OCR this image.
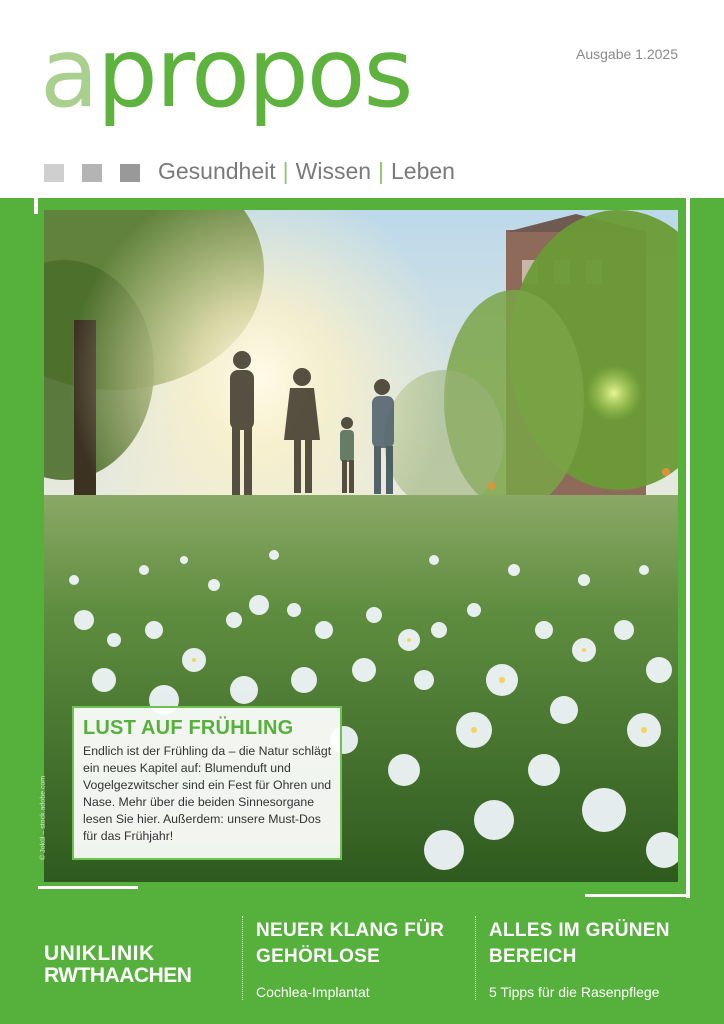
apropos	Ausgabe 1.2025
Gesundheit | Wissen | Leben
© Jokül – stock.adobe.com
LUST AUF FRÜHLING
Endlich ist der Frühling da – die Natur schlägt ein neues Kapitel auf: Blumenduft und Vogelgezwitscher sind ein Fest für Ohren und Nase. Mehr über die beiden Sinnesorgane lesen Sie hier. Außerdem: unsere Must-Dos für das Frühjahr!
UNIKLINIK
RWTHAACHEN
NEUER KLANG FÜR
GEHÖRLOSE
Cochlea-Implantat
ALLES IM GRÜNEN
BEREICH
5 Tipps für die Rasenpflege
